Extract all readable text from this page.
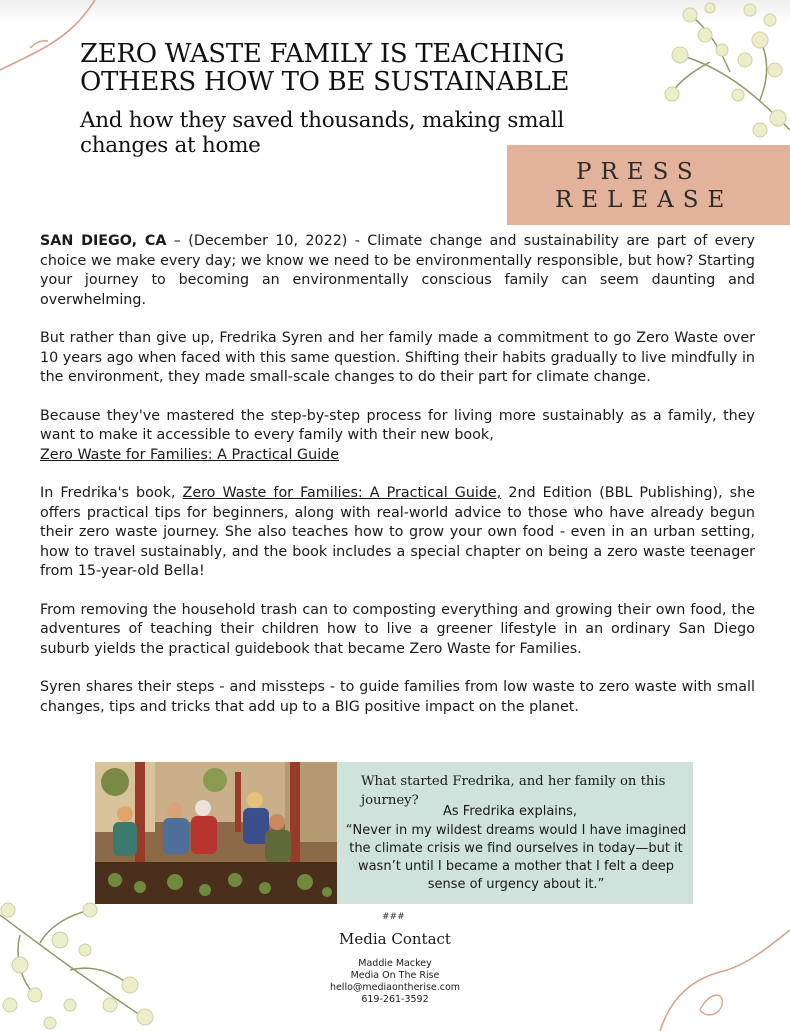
ZERO WASTE FAMILY IS TEACHING OTHERS HOW TO BE SUSTAINABLE
And how they saved thousands, making small changes at home
PRESS
RELEASE

SAN DIEGO, CA – (December 10, 2022) - Climate change and sustainability are part of every choice we make every day; we know we need to be environmentally responsible, but how? Starting your journey to becoming an environmentally conscious family can seem daunting and overwhelming.

But rather than give up, Fredrika Syren and her family made a commitment to go Zero Waste over 10 years ago when faced with this same question. Shifting their habits gradually to live mindfully in the environment, they made small-scale changes to do their part for climate change.

Because they've mastered the step-by-step process for living more sustainably as a family, they want to make it accessible to every family with their new book,
Zero Waste for Families: A Practical Guide

In Fredrika's book, Zero Waste for Families: A Practical Guide, 2nd Edition (BBL Publishing), she offers practical tips for beginners, along with real-world advice to those who have already begun their zero waste journey. She also teaches how to grow your own food - even in an urban setting, how to travel sustainably, and the book includes a special chapter on being a zero waste teenager from 15-year-old Bella!

From removing the household trash can to composting everything and growing their own food, the adventures of teaching their children how to live a greener lifestyle in an ordinary San Diego suburb yields the practical guidebook that became Zero Waste for Families.

Syren shares their steps - and missteps - to guide families from low waste to zero waste with small changes, tips and tricks that add up to a BIG positive impact on the planet.

What started Fredrika, and her family on this journey?
As Fredrika explains,
“Never in my wildest dreams would I have imagined the climate crisis we find ourselves in today—but it wasn’t until I became a mother that I felt a deep sense of urgency about it.”
###
Media Contact
Maddie Mackey
Media On The Rise
hello@mediaontherise.com
619-261-3592
